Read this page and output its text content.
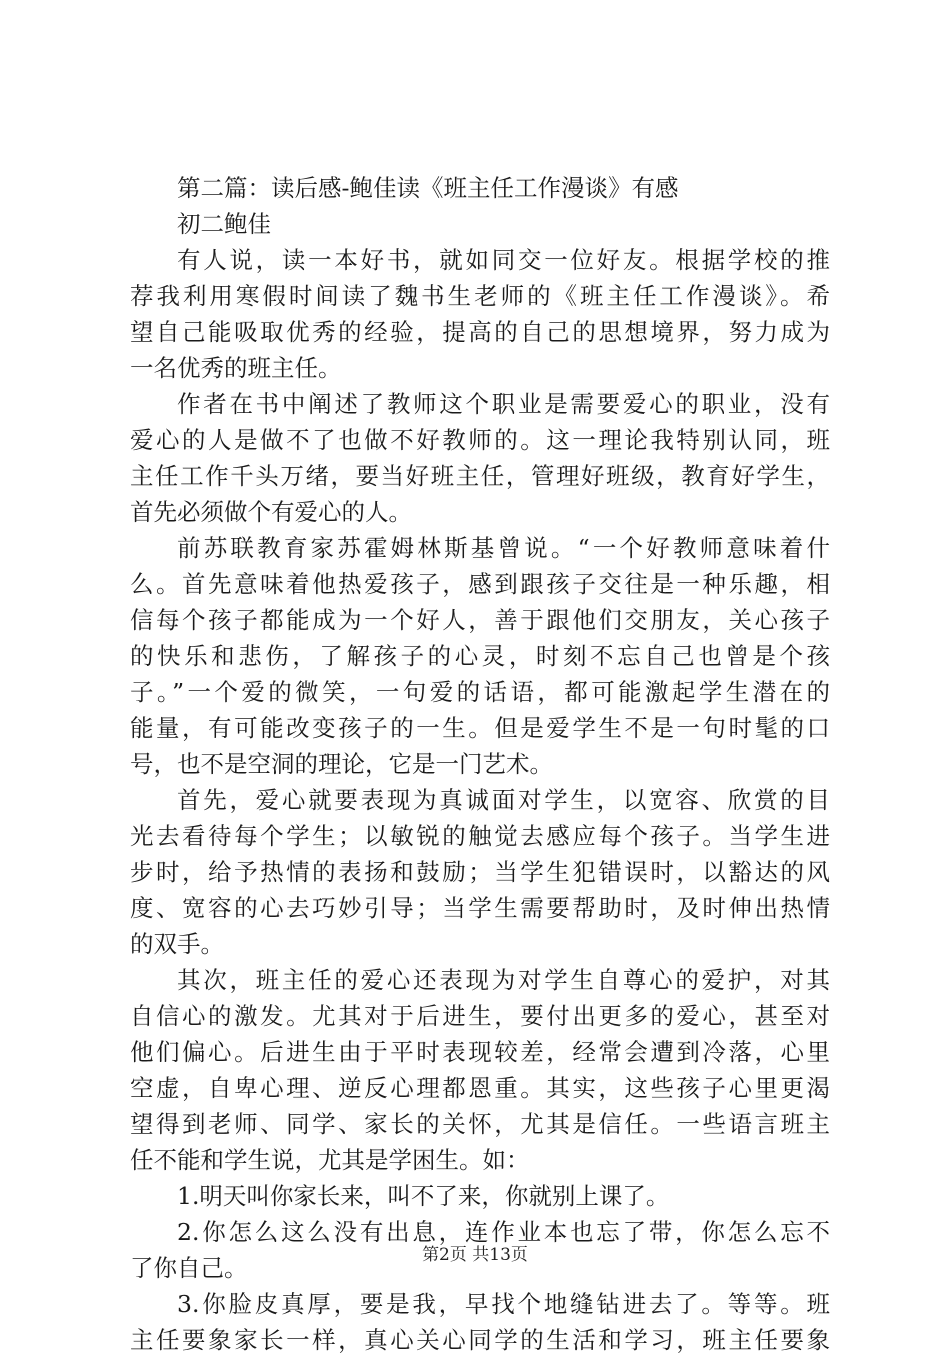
第二篇：读后感-鲍佳读《班主任工作漫谈》有感
初二鲍佳
有人说，读一本好书，就如同交一位好友。根据学校的推
荐我利用寒假时间读了魏书生老师的《班主任工作漫谈》。希
望自己能吸取优秀的经验，提高的自己的思想境界，努力成为
一名优秀的班主任。
作者在书中阐述了教师这个职业是需要爱心的职业，没有
爱心的人是做不了也做不好教师的。这一理论我特别认同，班
主任工作千头万绪，要当好班主任，管理好班级，教育好学生，
首先必须做个有爱心的人。
前苏联教育家苏霍姆林斯基曾说。“一个好教师意味着什
么。首先意味着他热爱孩子，感到跟孩子交往是一种乐趣，相
信每个孩子都能成为一个好人，善于跟他们交朋友，关心孩子
的快乐和悲伤，了解孩子的心灵，时刻不忘自己也曾是个孩
子。”一个爱的微笑，一句爱的话语，都可能激起学生潜在的
能量，有可能改变孩子的一生。但是爱学生不是一句时髦的口
号，也不是空洞的理论，它是一门艺术。
首先，爱心就要表现为真诚面对学生，以宽容、欣赏的目
光去看待每个学生；以敏锐的触觉去感应每个孩子。当学生进
步时，给予热情的表扬和鼓励；当学生犯错误时，以豁达的风
度、宽容的心去巧妙引导；当学生需要帮助时，及时伸出热情
的双手。
其次，班主任的爱心还表现为对学生自尊心的爱护，对其
自信心的激发。尤其对于后进生，要付出更多的爱心，甚至对
他们偏心。后进生由于平时表现较差，经常会遭到冷落，心里
空虚，自卑心理、逆反心理都恩重。其实，这些孩子心里更渴
望得到老师、同学、家长的关怀，尤其是信任。一些语言班主
任不能和学生说，尤其是学困生。如：
1.明天叫你家长来，叫不了来，你就别上课了。
2.你怎么这么没有出息，连作业本也忘了带，你怎么忘不
了你自己。
3.你脸皮真厚，要是我，早找个地缝钻进去了。等等。班
主任要象家长一样，真心关心同学的生活和学习，班主任要象
第2页 共13页
